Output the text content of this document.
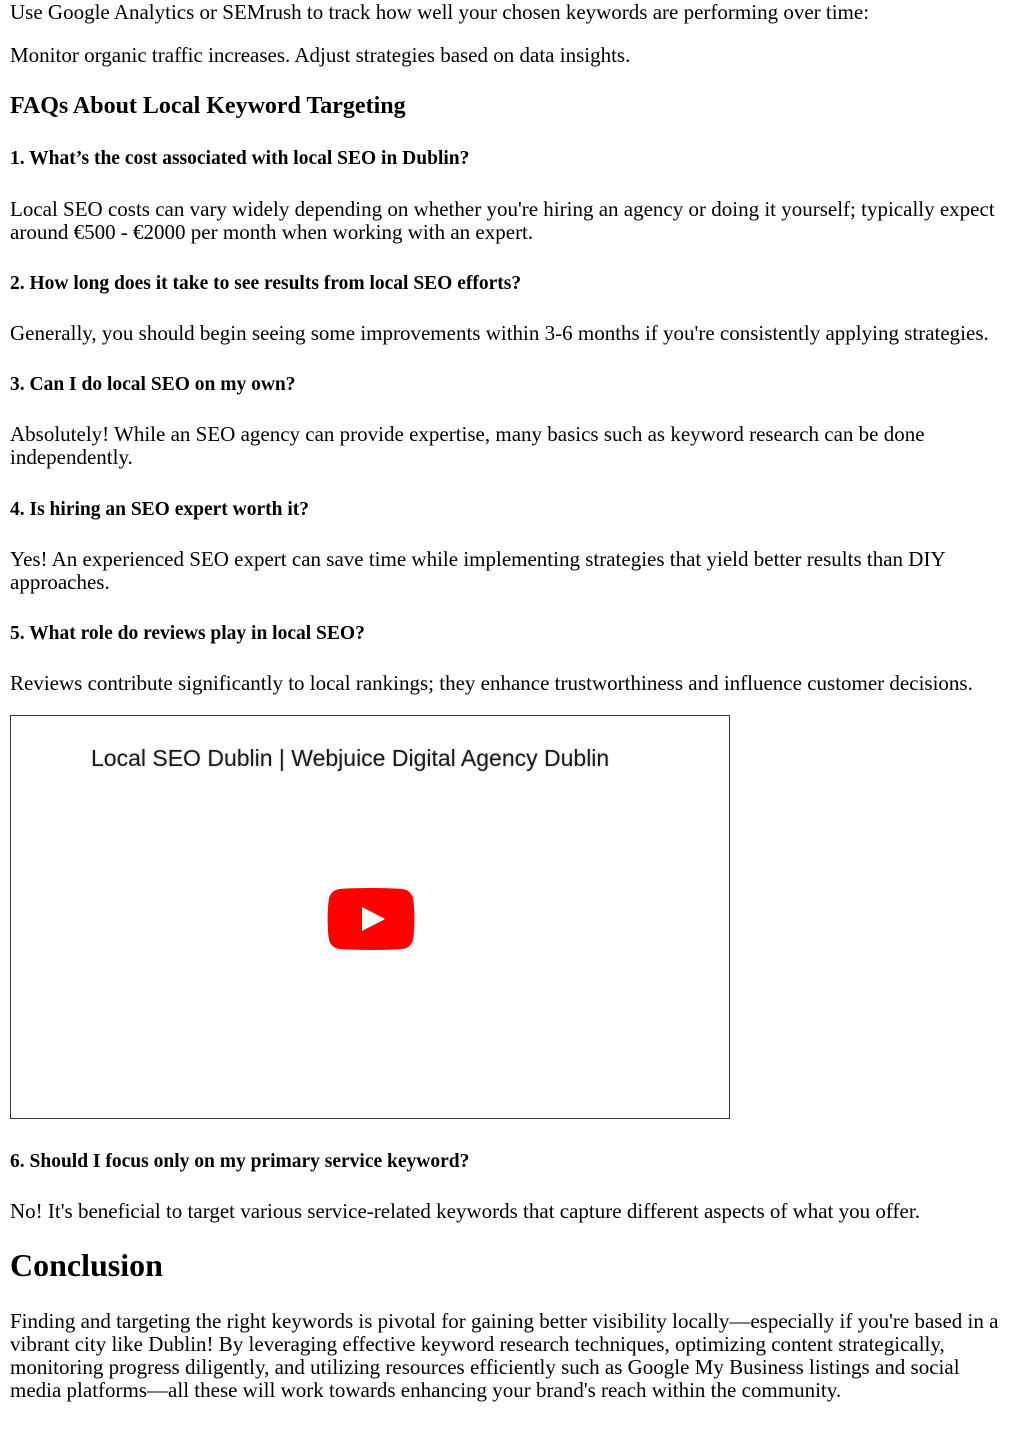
Use Google Analytics or SEMrush to track how well your chosen keywords are performing over time:

Monitor organic traffic increases. Adjust strategies based on data insights.

FAQs About Local Keyword Targeting
1. What’s the cost associated with local SEO in Dublin?

Local SEO costs can vary widely depending on whether you're hiring an agency or doing it yourself; typically expect around €500 - €2000 per month when working with an expert.

2. How long does it take to see results from local SEO efforts?

Generally, you should begin seeing some improvements within 3-6 months if you're consistently applying strategies.

3. Can I do local SEO on my own?

Absolutely! While an SEO agency can provide expertise, many basics such as keyword research can be done independently.

4. Is hiring an SEO expert worth it?

Yes! An experienced SEO expert can save time while implementing strategies that yield better results than DIY approaches.

5. What role do reviews play in local SEO?

Reviews contribute significantly to local rankings; they enhance trustworthiness and influence customer decisions.

Local SEO Dublin | Webjuice Digital Agency Dublin
6. Should I focus only on my primary service keyword?

No! It's beneficial to target various service-related keywords that capture different aspects of what you offer.

Conclusion

Finding and targeting the right keywords is pivotal for gaining better visibility locally—especially if you're based in a vibrant city like Dublin! By leveraging effective keyword research techniques, optimizing content strategically, monitoring progress diligently, and utilizing resources efficiently such as Google My Business listings and social media platforms—all these will work towards enhancing your brand's reach within the community.
